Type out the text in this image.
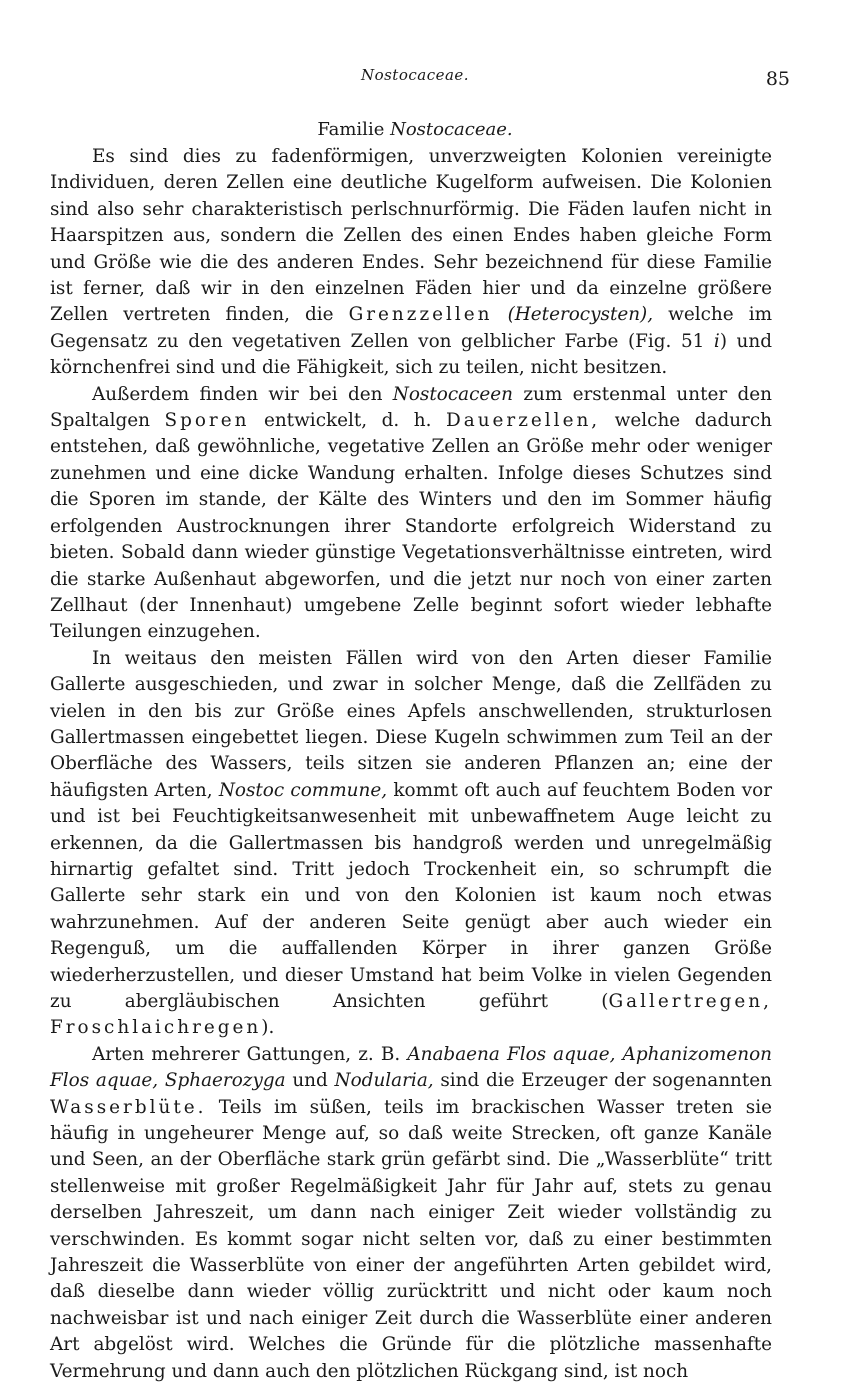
Nostocaceae.	85
Familie Nostocaceae.

Es sind dies zu fadenförmigen, unverzweigten Kolonien vereinigte Individuen, deren Zellen eine deutliche Kugelform aufweisen. Die Kolonien sind also sehr charakteristisch perlschnurförmig. Die Fäden laufen nicht in Haarspitzen aus, sondern die Zellen des einen Endes haben gleiche Form und Größe wie die des anderen Endes. Sehr bezeichnend für diese Familie ist ferner, daß wir in den einzelnen Fäden hier und da einzelne größere Zellen vertreten finden, die Grenzzellen (Heterocysten), welche im Gegensatz zu den vegetativen Zellen von gelblicher Farbe (Fig. 51 i) und körnchenfrei sind und die Fähigkeit, sich zu teilen, nicht besitzen.

Außerdem finden wir bei den Nostocaceen zum erstenmal unter den Spaltalgen Sporen entwickelt, d. h. Dauerzellen, welche dadurch entstehen, daß gewöhnliche, vegetative Zellen an Größe mehr oder weniger zunehmen und eine dicke Wandung erhalten. Infolge dieses Schutzes sind die Sporen im stande, der Kälte des Winters und den im Sommer häufig erfolgenden Austrocknungen ihrer Standorte erfolgreich Widerstand zu bieten. Sobald dann wieder günstige Vegetationsverhältnisse eintreten, wird die starke Außenhaut abgeworfen, und die jetzt nur noch von einer zarten Zellhaut (der Innenhaut) umgebene Zelle beginnt sofort wieder lebhafte Teilungen einzugehen.

In weitaus den meisten Fällen wird von den Arten dieser Familie Gallerte ausgeschieden, und zwar in solcher Menge, daß die Zellfäden zu vielen in den bis zur Größe eines Apfels anschwellenden, strukturlosen Gallertmassen eingebettet liegen. Diese Kugeln schwimmen zum Teil an der Oberfläche des Wassers, teils sitzen sie anderen Pflanzen an; eine der häufigsten Arten, Nostoc commune, kommt oft auch auf feuchtem Boden vor und ist bei Feuchtigkeitsanwesenheit mit unbewaffnetem Auge leicht zu erkennen, da die Gallertmassen bis handgroß werden und unregelmäßig hirnartig gefaltet sind. Tritt jedoch Trockenheit ein, so schrumpft die Gallerte sehr stark ein und von den Kolonien ist kaum noch etwas wahrzunehmen. Auf der anderen Seite genügt aber auch wieder ein Regenguß, um die auffallenden Körper in ihrer ganzen Größe wiederherzustellen, und dieser Umstand hat beim Volke in vielen Gegenden zu abergläubischen Ansichten geführt (Gallertregen, Froschlaichregen).

Arten mehrerer Gattungen, z. B. Anabaena Flos aquae, Aphanizomenon Flos aquae, Sphaerozyga und Nodularia, sind die Erzeuger der sogenannten Wasserblüte. Teils im süßen, teils im brackischen Wasser treten sie häufig in ungeheurer Menge auf, so daß weite Strecken, oft ganze Kanäle und Seen, an der Oberfläche stark grün gefärbt sind. Die „Wasserblüte“ tritt stellenweise mit großer Regelmäßigkeit Jahr für Jahr auf, stets zu genau derselben Jahreszeit, um dann nach einiger Zeit wieder vollständig zu verschwinden. Es kommt sogar nicht selten vor, daß zu einer bestimmten Jahreszeit die Wasserblüte von einer der angeführten Arten gebildet wird, daß dieselbe dann wieder völlig zurücktritt und nicht oder kaum noch nachweisbar ist und nach einiger Zeit durch die Wasserblüte einer anderen Art abgelöst wird. Welches die Gründe für die plötzliche massenhafte Vermehrung und dann auch den plötzlichen Rückgang sind, ist noch
